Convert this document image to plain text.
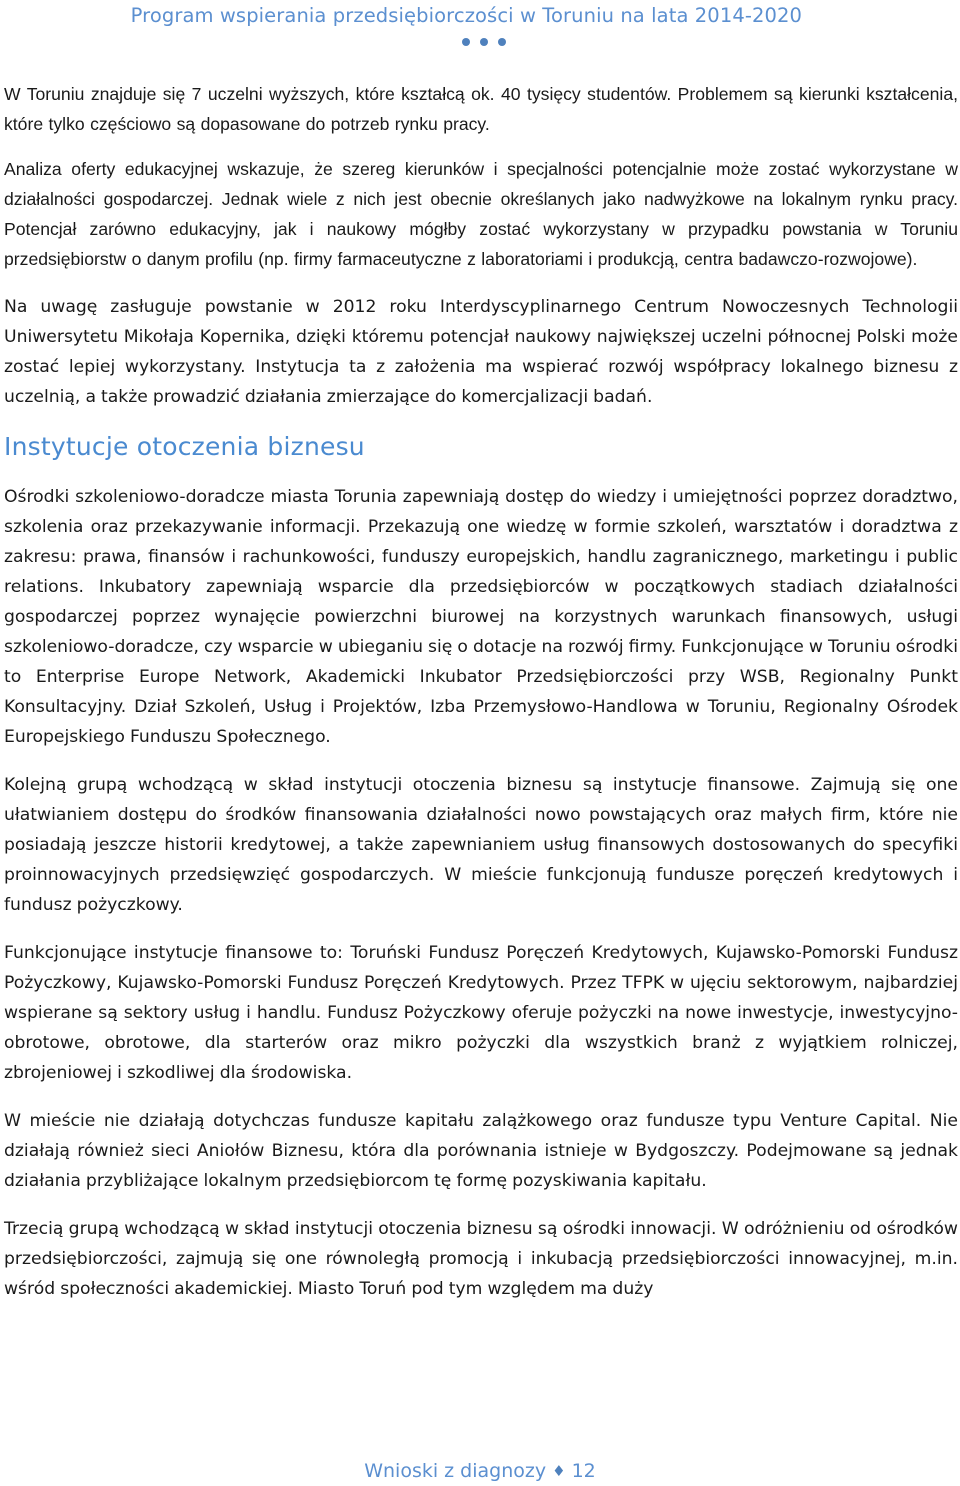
Program wspierania przedsiębiorczości w Toruniu na lata 2014-2020

W Toruniu znajduje się 7 uczelni wyższych, które kształcą ok. 40 tysięcy studentów. Problemem są kierunki kształcenia, które tylko częściowo są dopasowane do potrzeb rynku pracy.

Analiza oferty edukacyjnej wskazuje, że szereg kierunków i specjalności potencjalnie może zostać wykorzystane w działalności gospodarczej. Jednak wiele z nich jest obecnie określanych jako nadwyżkowe na lokalnym rynku pracy. Potencjał zarówno edukacyjny, jak i naukowy mógłby zostać wykorzystany w przypadku powstania w Toruniu przedsiębiorstw o danym profilu (np. firmy farmaceutyczne z laboratoriami i produkcją, centra badawczo-rozwojowe).

Na uwagę zasługuje powstanie w 2012 roku Interdyscyplinarnego Centrum Nowoczesnych Technologii Uniwersytetu Mikołaja Kopernika, dzięki któremu potencjał naukowy największej uczelni północnej Polski może zostać lepiej wykorzystany. Instytucja ta z założenia ma wspierać rozwój współpracy lokalnego biznesu z uczelnią, a także prowadzić działania zmierzające do komercjalizacji badań.

Instytucje otoczenia biznesu

Ośrodki szkoleniowo-doradcze miasta Torunia zapewniają dostęp do wiedzy i umiejętności poprzez doradztwo, szkolenia oraz przekazywanie informacji. Przekazują one wiedzę w formie szkoleń, warsztatów i doradztwa z zakresu: prawa, finansów i rachunkowości, funduszy europejskich, handlu zagranicznego, marketingu i public relations. Inkubatory zapewniają wsparcie dla przedsiębiorców w początkowych stadiach działalności gospodarczej poprzez wynajęcie powierzchni biurowej na korzystnych warunkach finansowych, usługi szkoleniowo-doradcze, czy wsparcie w ubieganiu się o dotacje na rozwój firmy. Funkcjonujące w Toruniu ośrodki to Enterprise Europe Network, Akademicki Inkubator Przedsiębiorczości przy WSB, Regionalny Punkt Konsultacyjny. Dział Szkoleń, Usług i Projektów, Izba Przemysłowo-Handlowa w Toruniu, Regionalny Ośrodek Europejskiego Funduszu Społecznego.

Kolejną grupą wchodzącą w skład instytucji otoczenia biznesu są instytucje finansowe. Zajmują się one ułatwianiem dostępu do środków finansowania działalności nowo powstających oraz małych firm, które nie posiadają jeszcze historii kredytowej, a także zapewnianiem usług finansowych dostosowanych do specyfiki proinnowacyjnych przedsięwzięć gospodarczych. W mieście funkcjonują fundusze poręczeń kredytowych i fundusz pożyczkowy.

Funkcjonujące instytucje finansowe to: Toruński Fundusz Poręczeń Kredytowych, Kujawsko-Pomorski Fundusz Pożyczkowy, Kujawsko-Pomorski Fundusz Poręczeń Kredytowych. Przez TFPK w ujęciu sektorowym, najbardziej wspierane są sektory usług i handlu. Fundusz Pożyczkowy oferuje pożyczki na nowe inwestycje, inwestycyjno-obrotowe, obrotowe, dla starterów oraz mikro pożyczki dla wszystkich branż z wyjątkiem rolniczej, zbrojeniowej i szkodliwej dla środowiska.

W mieście nie działają dotychczas fundusze kapitału zalążkowego oraz fundusze typu Venture Capital. Nie działają również sieci Aniołów Biznesu, która dla porównania istnieje w Bydgoszczy. Podejmowane są jednak działania przybliżające lokalnym przedsiębiorcom tę formę pozyskiwania kapitału.

Trzecią grupą wchodzącą w skład instytucji otoczenia biznesu są ośrodki innowacji. W odróżnieniu od ośrodków przedsiębiorczości, zajmują się one równoległą promocją i inkubacją przedsiębiorczości innowacyjnej, m.in. wśród społeczności akademickiej. Miasto Toruń pod tym względem ma duży

Wnioski z diagnozy ♦ 12
